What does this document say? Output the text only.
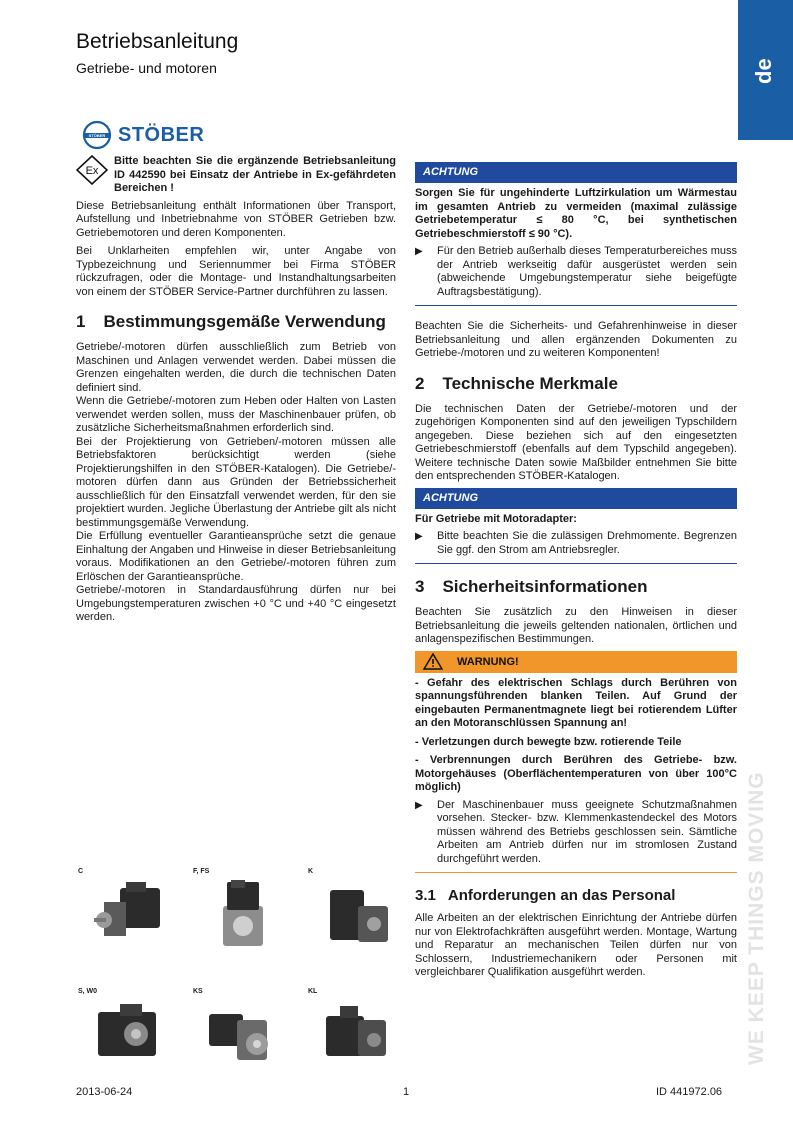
Betriebsanleitung
Getriebe- und motoren	de
STÖBER STÖBER
Ex

Bitte beachten Sie die ergänzende Betriebsanleitung ID 442590 bei Einsatz der Antriebe in Ex-gefährdeten Bereichen !

Diese Betriebsanleitung enthält Informationen über Transport, Aufstellung und Inbetriebnahme von STÖBER Getrieben bzw. Getriebemotoren und deren Komponenten.

Bei Unklarheiten empfehlen wir, unter Angabe von Typbezeichnung und Seriennummer bei Firma STÖBER rückzufragen, oder die Montage- und Instandhaltungsarbeiten von einem der STÖBER Service-Partner durchführen zu lassen.

1 Bestimmungsgemäße Verwendung

Getriebe/-motoren dürfen ausschließlich zum Betrieb von Maschinen und Anlagen verwendet werden. Dabei müssen die Grenzen eingehalten werden, die durch die technischen Daten definiert sind.

Wenn die Getriebe/-motoren zum Heben oder Halten von Lasten verwendet werden sollen, muss der Maschinenbauer prüfen, ob zusätzliche Sicherheitsmaßnahmen erforderlich sind.

Bei der Projektierung von Getrieben/-motoren müssen alle Betriebsfaktoren berücksichtigt werden (siehe Projektierungshilfen in den STÖBER-Katalogen). Die Getriebe/-motoren dürfen dann aus Gründen der Betriebssicherheit ausschließlich für den Einsatzfall verwendet werden, für den sie projektiert wurden. Jegliche Überlastung der Antriebe gilt als nicht bestimmungsgemäße Verwendung.

Die Erfüllung eventueller Garantieansprüche setzt die genaue Einhaltung der Angaben und Hinweise in dieser Betriebsanleitung voraus. Modifikationen an den Getriebe/-motoren führen zum Erlöschen der Garantieansprüche.

Getriebe/-motoren in Standardausführung dürfen nur bei Umgebungstemperaturen zwischen +0 °C und +40 °C eingesetzt werden.

C	F, FS	K
S, W0	KS	KL
ACHTUNG

Sorgen Sie für ungehinderte Luftzirkulation um Wärmestau im gesamten Antrieb zu vermeiden (maximal zulässige Getriebetemperatur ≤ 80 °C, bei synthetischen Getriebeschmierstoff ≤ 90 °C).

▶	Für den Betrieb außerhalb dieses Temperaturbereiches muss der Antrieb werkseitig dafür ausgerüstet werden sein (abweichende Umgebungstemperatur siehe beigefügte Auftragsbestätigung).

Beachten Sie die Sicherheits- und Gefahrenhinweise in dieser Betriebsanleitung und allen ergänzenden Dokumenten zu Getriebe-/motoren und zu weiteren Komponenten!

2 Technische Merkmale

Die technischen Daten der Getriebe/-motoren und der zugehörigen Komponenten sind auf den jeweiligen Typschildern angegeben. Diese beziehen sich auf den eingesetzten Getriebeschmierstoff (ebenfalls auf dem Typschild angegeben). Weitere technische Daten sowie Maßbilder entnehmen Sie bitte den entsprechenden STÖBER-Katalogen.

ACHTUNG

Für Getriebe mit Motoradapter:

▶	Bitte beachten Sie die zulässigen Drehmomente. Begrenzen Sie ggf. den Strom am Antriebsregler.

3 Sicherheitsinformationen

Beachten Sie zusätzlich zu den Hinweisen in dieser Betriebsanleitung die jeweils geltenden nationalen, örtlichen und anlagenspezifischen Bestimmungen.

WARNUNG!

- Gefahr des elektrischen Schlags durch Berühren von spannungsführenden blanken Teilen. Auf Grund der eingebauten Permanentmagnete liegt bei rotierendem Lüfter an den Motoranschlüssen Spannung an!

- Verletzungen durch bewegte bzw. rotierende Teile

- Verbrennungen durch Berühren des Getriebe- bzw. Motorgehäuses (Oberflächentemperaturen von über 100°C möglich)

▶	Der Maschinenbauer muss geeignete Schutzmaßnahmen vorsehen. Stecker- bzw. Klemmenkastendeckel des Motors müssen während des Betriebs geschlossen sein. Sämtliche Arbeiten am Antrieb dürfen nur im stromlosen Zustand durchgeführt werden.

3.1 Anforderungen an das Personal

Alle Arbeiten an der elektrischen Einrichtung der Antriebe dürfen nur von Elektrofachkräften ausgeführt werden. Montage, Wartung und Reparatur an mechanischen Teilen dürfen nur von Schlossern, Industriemechanikern oder Personen mit vergleichbarer Qualifikation ausgeführt werden.	WE KEEP THINGS MOVING
2013-06-24	1	ID 441972.06
